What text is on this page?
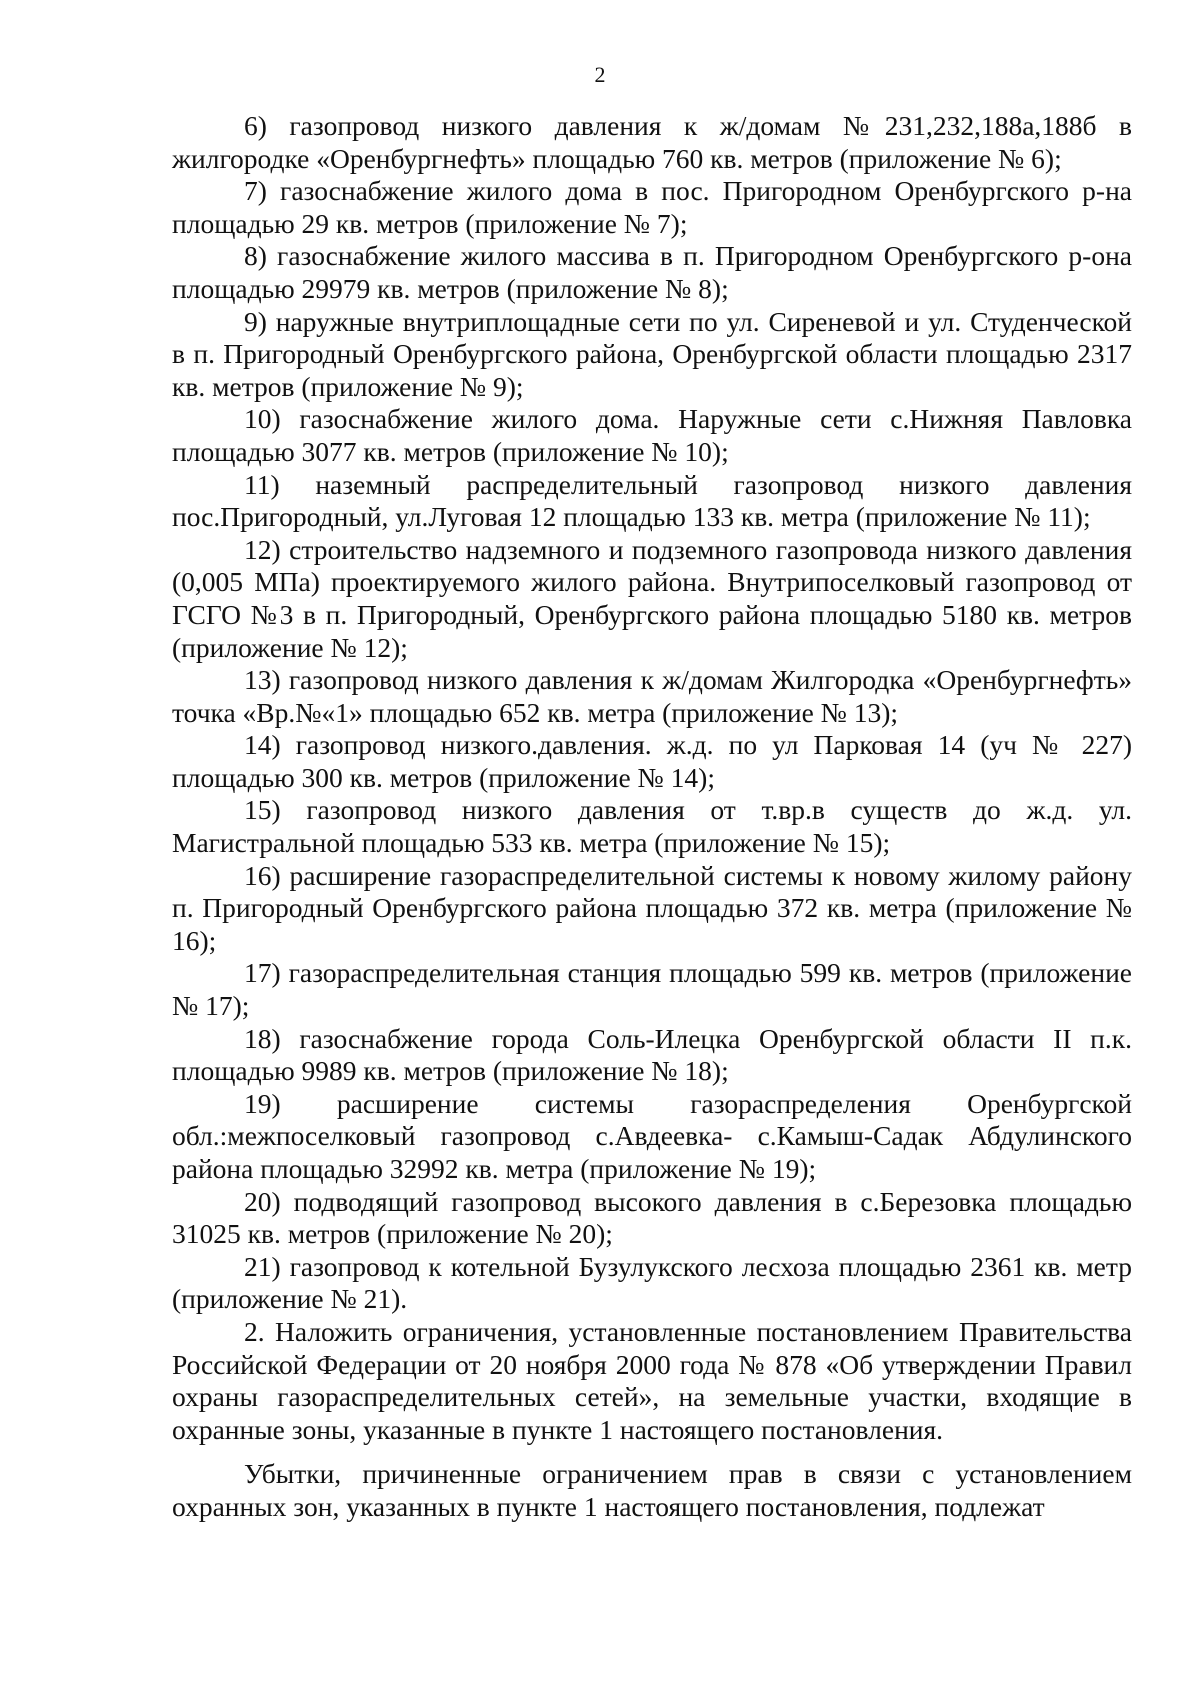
2

6) газопровод низкого давления к ж/домам №231,232,188а,188б в жилгородке «Оренбургнефть» площадью 760 кв. метров (приложение № 6);

7) газоснабжение жилого дома в пос. Пригородном Оренбургского р-на площадью 29 кв. метров (приложение № 7);

8) газоснабжение жилого массива в п. Пригородном Оренбургского р-она площадью 29979 кв. метров (приложение № 8);

9) наружные внутриплощадные сети по ул. Сиреневой и ул. Студенческой в п. Пригородный Оренбургского района, Оренбургской области площадью 2317 кв. метров (приложение № 9);

10) газоснабжение жилого дома. Наружные сети с.Нижняя Павловка площадью 3077 кв. метров (приложение № 10);

11) наземный распределительный газопровод низкого давления пос.Пригородный, ул.Луговая 12 площадью 133 кв. метра (приложение № 11);

12) строительство надземного и подземного газопровода низкого давления (0,005 МПа) проектируемого жилого района. Внутрипоселковый газопровод от ГСГО №3 в п. Пригородный, Оренбургского района площадью 5180 кв. метров (приложение № 12);

13) газопровод низкого давления к ж/домам Жилгородка «Оренбургнефть» точка «Вр.№«1» площадью 652 кв. метра (приложение № 13);

14) газопровод низкого.давления. ж.д. по ул Парковая 14 (уч № 227) площадью 300 кв. метров (приложение № 14);

15) газопровод низкого давления от т.вр.в существ до ж.д. ул. Магистральной площадью 533 кв. метра (приложение № 15);

16) расширение газораспределительной системы к новому жилому району п. Пригородный Оренбургского района площадью 372 кв. метра (приложение № 16);

17) газораспределительная станция площадью 599 кв. метров (приложение № 17);

18) газоснабжение города Соль-Илецка Оренбургской области II п.к. площадью 9989 кв. метров (приложение № 18);

19) расширение системы газораспределения Оренбургской обл.:межпоселковый газопровод с.Авдеевка- с.Камыш-Садак Абдулинского района площадью 32992 кв. метра (приложение № 19);

20) подводящий газопровод высокого давления в с.Березовка площадью 31025 кв. метров (приложение № 20);

21) газопровод к котельной Бузулукского лесхоза площадью 2361 кв. метр (приложение № 21).

2. Наложить ограничения, установленные постановлением Правительства Российской Федерации от 20 ноября 2000 года № 878 «Об утверждении Правил охраны газораспределительных сетей», на земельные участки, входящие в охранные зоны, указанные в пункте 1 настоящего постановления.

Убытки, причиненные ограничением прав в связи с установлением охранных зон, указанных в пункте 1 настоящего постановления, подлежат
